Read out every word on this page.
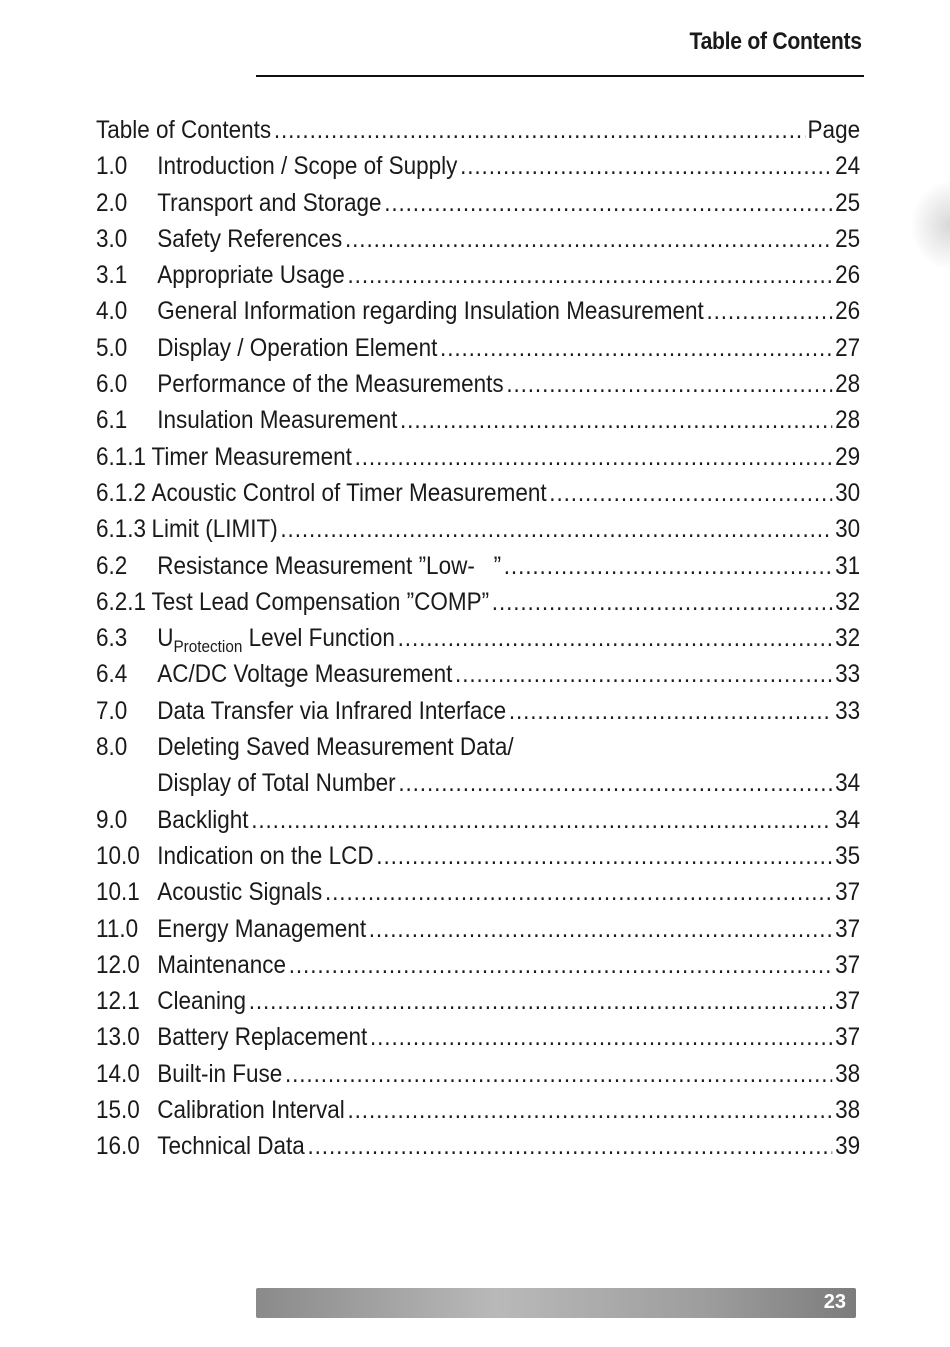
Table of Contents
Table of Contents .....	Page
1.0	Introduction / Scope of Supply .....	24
2.0	Transport and Storage .....	25
3.0	Safety References .....	25
3.1	Appropriate Usage .....	26
4.0	General Information regarding Insulation Measurement .....	26
5.0	Display / Operation Element .....	27
6.0	Performance of the Measurements .....	28
6.1	Insulation Measurement .....	28
6.1.1 Timer Measurement .....	29
6.1.2 Acoustic Control of Timer Measurement .....	30
6.1.3 Limit (LIMIT) .....	30
6.2	Resistance Measurement ”Low-   ” .....	31
6.2.1 Test Lead Compensation ”COMP” .....	32
6.3	$U_{Protection}$ Level Function .....	32
6.4	AC/DC Voltage Measurement .....	33
7.0	Data Transfer via Infrared Interface .....	33
8.0	Deleting Saved Measurement Data/
Display of Total Number .....	34
9.0	Backlight .....	34
10.0 Indication on the LCD .....	35
10.1 Acoustic Signals .....	37
11.0 Energy Management .....	37
12.0 Maintenance .....	37
12.1 Cleaning .....	37
13.0 Battery Replacement .....	37
14.0 Built-in Fuse .....	38
15.0 Calibration Interval .....	38
16.0 Technical Data .....	39
23
